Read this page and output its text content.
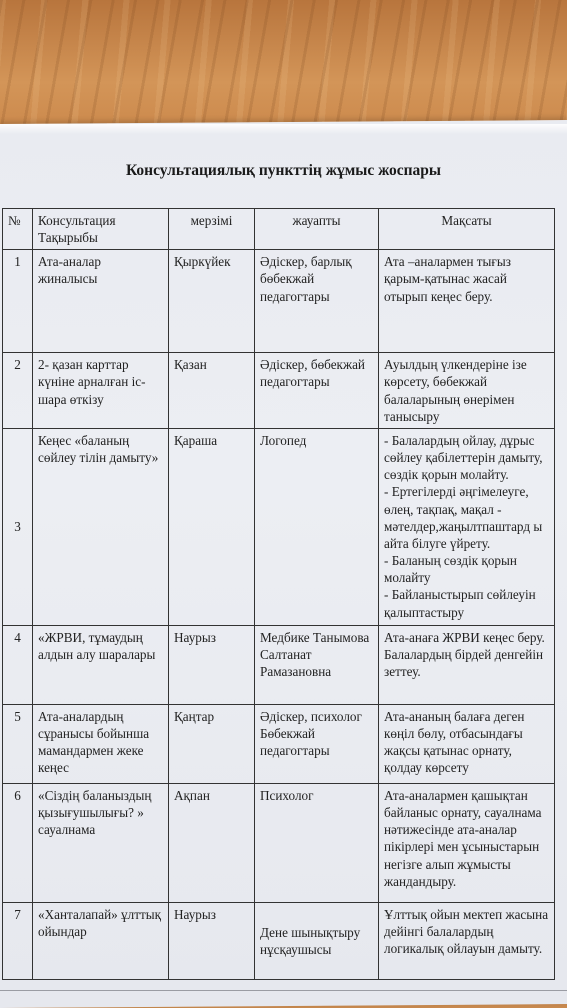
Консультациялық пункттің жұмыс жоспары
№	Консультация Тақырыбы	мерзімі	жауапты	Мақсаты
1	Ата-аналар жиналысы	Қыркүйек	Әдіскер, барлық бөбекжай педагогтары	Ата –аналармен тығыз қарым-қатынас жасай отырып кеңес беру.

2	2- қазан карттар күніне арналған іс-шара өткізу	Қазан	Әдіскер, бөбекжай педагогтары	Ауылдың үлкендеріне ізе көрсету, бөбекжай балаларының өнерімен танысыру

3	Кеңес «баланың сөйлеу тілін дамыту»	Қараша	Логопед	- Балалардың ойлау, дұрыс сөйлеу қабілеттерін дамыту, сөздік қорын молайту.
- Ертегілерді әңгімелеуге, өлең, тақпақ, мақал - мәтелдер,жаңылтпаштард ы айта білуге үйрету.
- Баланың сөздік қорын молайту
- Байланыстырып сөйлеуін қалыптастыру

4	«ЖРВИ, тұмаудың алдын алу шаралары	Наурыз	Медбике Танымова Салтанат Рамазановна	Ата-анаға ЖРВИ кеңес беру.
Балалардың бірдей денгейін зеттеу.

5	Ата-аналардың сұранысы бойынша мамандармен жеке кеңес	Қаңтар	Әдіскер, психолог Бөбекжай педагогтары	Ата-ананың балаға деген көңіл бөлу, отбасындағы жақсы қатынас орнату, қолдау көрсету

6	«Сіздің баланыздың қызығушылығы? » сауалнама	Ақпан	Психолог	Ата-аналармен қашықтан байланыс орнату, сауалнама нәтижесінде ата-аналар пікірлері мен ұсыныстарын негізге алып жұмысты жандандыру.

7	«Ханталапай» ұлттық ойындар	Наурыз	Дене шынықтыру нұсқаушысы	Ұлттық ойын мектеп жасына дейінгі балалардың логикалық ойлауын дамыту.
